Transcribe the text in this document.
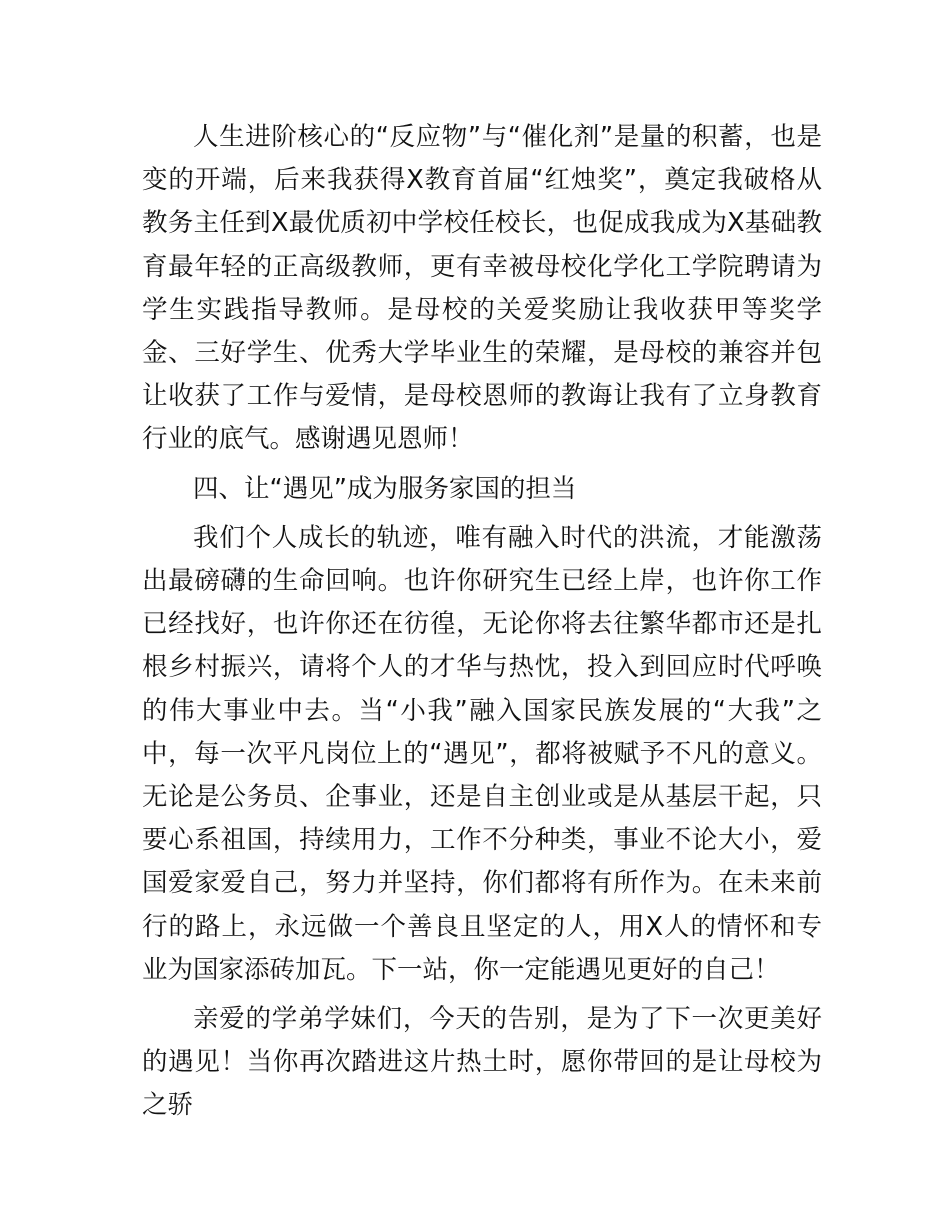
人生进阶核心的“反应物”与“催化剂”是量的积蓄，也是变的开端，后来我获得X教育首届“红烛奖”，奠定我破格从教务主任到X最优质初中学校任校长，也促成我成为X基础教育最年轻的正高级教师，更有幸被母校化学化工学院聘请为学生实践指导教师。是母校的关爱奖励让我收获甲等奖学金、三好学生、优秀大学毕业生的荣耀，是母校的兼容并包让收获了工作与爱情，是母校恩师的教诲让我有了立身教育行业的底气。感谢遇见恩师！

四、让“遇见”成为服务家国的担当

我们个人成长的轨迹，唯有融入时代的洪流，才能激荡出最磅礴的生命回响。也许你研究生已经上岸，也许你工作已经找好，也许你还在彷徨，无论你将去往繁华都市还是扎根乡村振兴，请将个人的才华与热忱，投入到回应时代呼唤的伟大事业中去。当“小我”融入国家民族发展的“大我”之中，每一次平凡岗位上的“遇见”，都将被赋予不凡的意义。无论是公务员、企事业，还是自主创业或是从基层干起，只要心系祖国，持续用力，工作不分种类，事业不论大小，爱国爱家爱自己，努力并坚持，你们都将有所作为。在未来前行的路上，永远做一个善良且坚定的人，用X人的情怀和专业为国家添砖加瓦。下一站，你一定能遇见更好的自己！

亲爱的学弟学妹们，今天的告别，是为了下一次更美好的遇见！当你再次踏进这片热土时，愿你带回的是让母校为之骄
